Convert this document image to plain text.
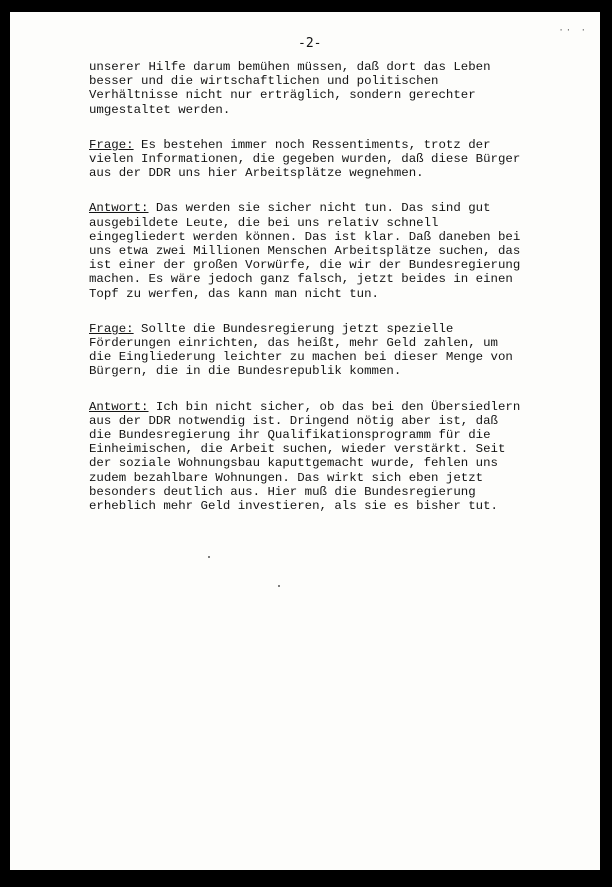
-2-
·· ·

unserer Hilfe darum bemühen müssen, daß dort das Leben
besser und die wirtschaftlichen und politischen
Verhältnisse nicht nur erträglich, sondern gerechter
umgestaltet werden.

Frage: Es bestehen immer noch Ressentiments, trotz der
vielen Informationen, die gegeben wurden, daß diese Bürger
aus der DDR uns hier Arbeitsplätze wegnehmen.

Antwort: Das werden sie sicher nicht tun. Das sind gut
ausgebildete Leute, die bei uns relativ schnell
eingegliedert werden können. Das ist klar. Daß daneben bei
uns etwa zwei Millionen Menschen Arbeitsplätze suchen, das
ist einer der großen Vorwürfe, die wir der Bundesregierung
machen. Es wäre jedoch ganz falsch, jetzt beides in einen
Topf zu werfen, das kann man nicht tun.

Frage: Sollte die Bundesregierung jetzt spezielle
Förderungen einrichten, das heißt, mehr Geld zahlen, um
die Eingliederung leichter zu machen bei dieser Menge von
Bürgern, die in die Bundesrepublik kommen.

Antwort: Ich bin nicht sicher, ob das bei den Übersiedlern
aus der DDR notwendig ist. Dringend nötig aber ist, daß
die Bundesregierung ihr Qualifikationsprogramm für die
Einheimischen, die Arbeit suchen, wieder verstärkt. Seit
der soziale Wohnungsbau kaputtgemacht wurde, fehlen uns
zudem bezahlbare Wohnungen. Das wirkt sich eben jetzt
besonders deutlich aus. Hier muß die Bundesregierung
erheblich mehr Geld investieren, als sie es bisher tut.
